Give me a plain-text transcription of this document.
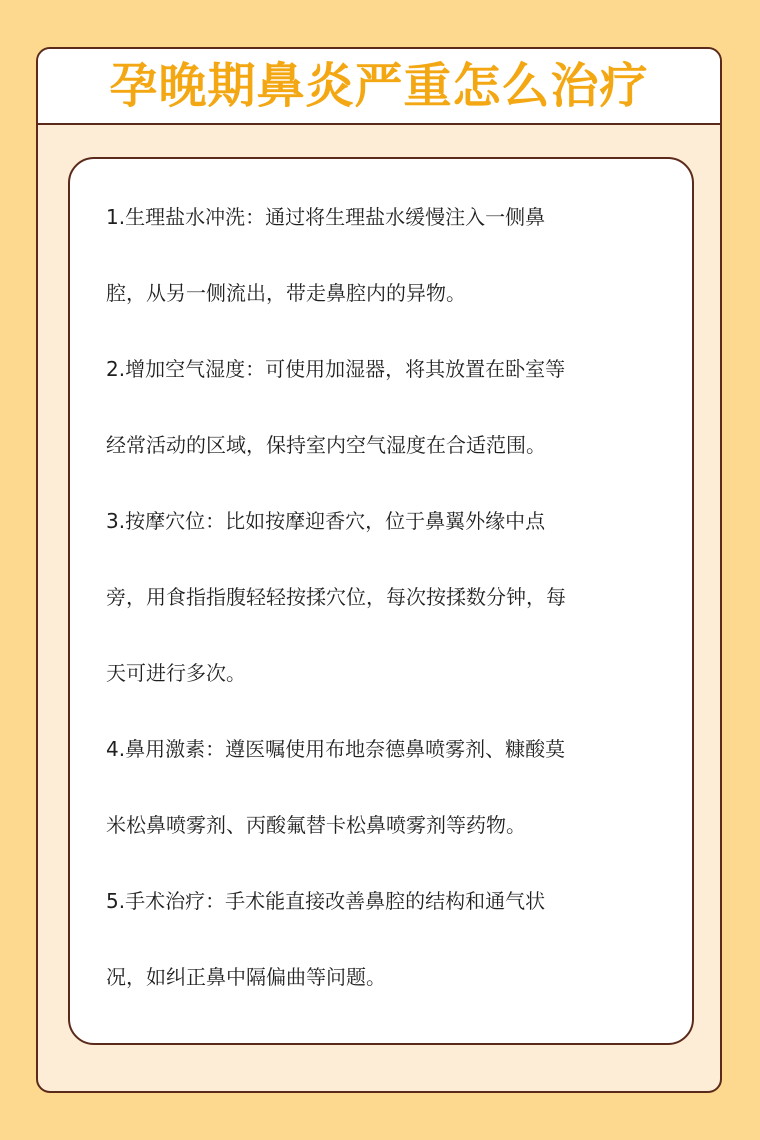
孕晚期鼻炎严重怎么治疗

1.生理盐水冲洗：通过将生理盐水缓慢注入一侧鼻

腔，从另一侧流出，带走鼻腔内的异物。

2.增加空气湿度：可使用加湿器，将其放置在卧室等

经常活动的区域，保持室内空气湿度在合适范围。

3.按摩穴位：比如按摩迎香穴，位于鼻翼外缘中点

旁，用食指指腹轻轻按揉穴位，每次按揉数分钟，每

天可进行多次。

4.鼻用激素：遵医嘱使用布地奈德鼻喷雾剂、糠酸莫

米松鼻喷雾剂、丙酸氟替卡松鼻喷雾剂等药物。

5.手术治疗：手术能直接改善鼻腔的结构和通气状

况，如纠正鼻中隔偏曲等问题。
